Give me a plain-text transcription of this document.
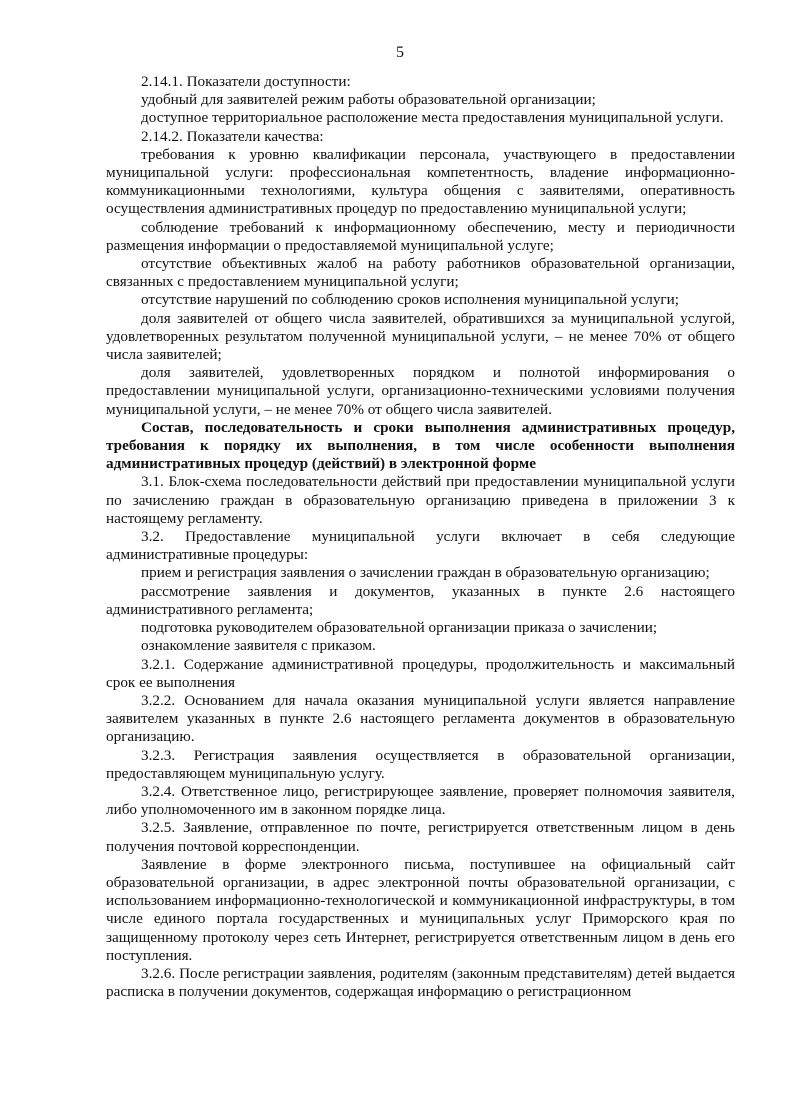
5

2.14.1. Показатели доступности:

удобный для заявителей режим работы образовательной организации;

доступное территориальное расположение места предоставления муниципальной услуги.

2.14.2. Показатели качества:

требования к уровню квалификации персонала, участвующего в предоставлении муниципальной услуги: профессиональная компетентность, владение информационно-коммуникационными технологиями, культура общения с заявителями, оперативность осуществления административных процедур по предоставлению муниципальной услуги;

соблюдение требований к информационному обеспечению, месту и периодичности размещения информации о предоставляемой муниципальной услуге;

отсутствие объективных жалоб на работу работников образовательной организации, связанных с предоставлением муниципальной услуги;

отсутствие нарушений по соблюдению сроков исполнения муниципальной услуги;

доля заявителей от общего числа заявителей, обратившихся за муниципальной услугой, удовлетворенных результатом полученной муниципальной услуги, – не менее 70% от общего числа заявителей;

доля заявителей, удовлетворенных порядком и полнотой информирования о предоставлении муниципальной услуги, организационно-техническими условиями получения муниципальной услуги, – не менее 70% от общего числа заявителей.

Состав, последовательность и сроки выполнения административных процедур, требования к порядку их выполнения, в том числе особенности выполнения административных процедур (действий) в электронной форме

3.1. Блок-схема последовательности действий при предоставлении муниципальной услуги по зачислению граждан в образовательную организацию приведена в приложении 3 к настоящему регламенту.

3.2. Предоставление муниципальной услуги включает в себя следующие административные процедуры:

прием и регистрация заявления о зачислении граждан в образовательную организацию;

рассмотрение заявления и документов, указанных в пункте 2.6 настоящего административного регламента;

подготовка руководителем образовательной организации приказа о зачислении;

ознакомление заявителя с приказом.

3.2.1. Содержание административной процедуры, продолжительность и максимальный срок ее выполнения

3.2.2. Основанием для начала оказания муниципальной услуги является направление заявителем указанных в пункте 2.6 настоящего регламента документов в образовательную организацию.

3.2.3. Регистрация заявления осуществляется в образовательной организации, предоставляющем муниципальную услугу.

3.2.4. Ответственное лицо, регистрирующее заявление, проверяет полномочия заявителя, либо уполномоченного им в законном порядке лица.

3.2.5. Заявление, отправленное по почте, регистрируется ответственным лицом в день получения почтовой корреспонденции.

Заявление в форме электронного письма, поступившее на официальный сайт образовательной организации, в адрес электронной почты образовательной организации, с использованием информационно-технологической и коммуникационной инфраструктуры, в том числе единого портала государственных и муниципальных услуг Приморского края по защищенному протоколу через сеть Интернет, регистрируется ответственным лицом в день его поступления.

3.2.6. После регистрации заявления, родителям (законным представителям) детей выдается расписка в получении документов, содержащая информацию о регистрационном
